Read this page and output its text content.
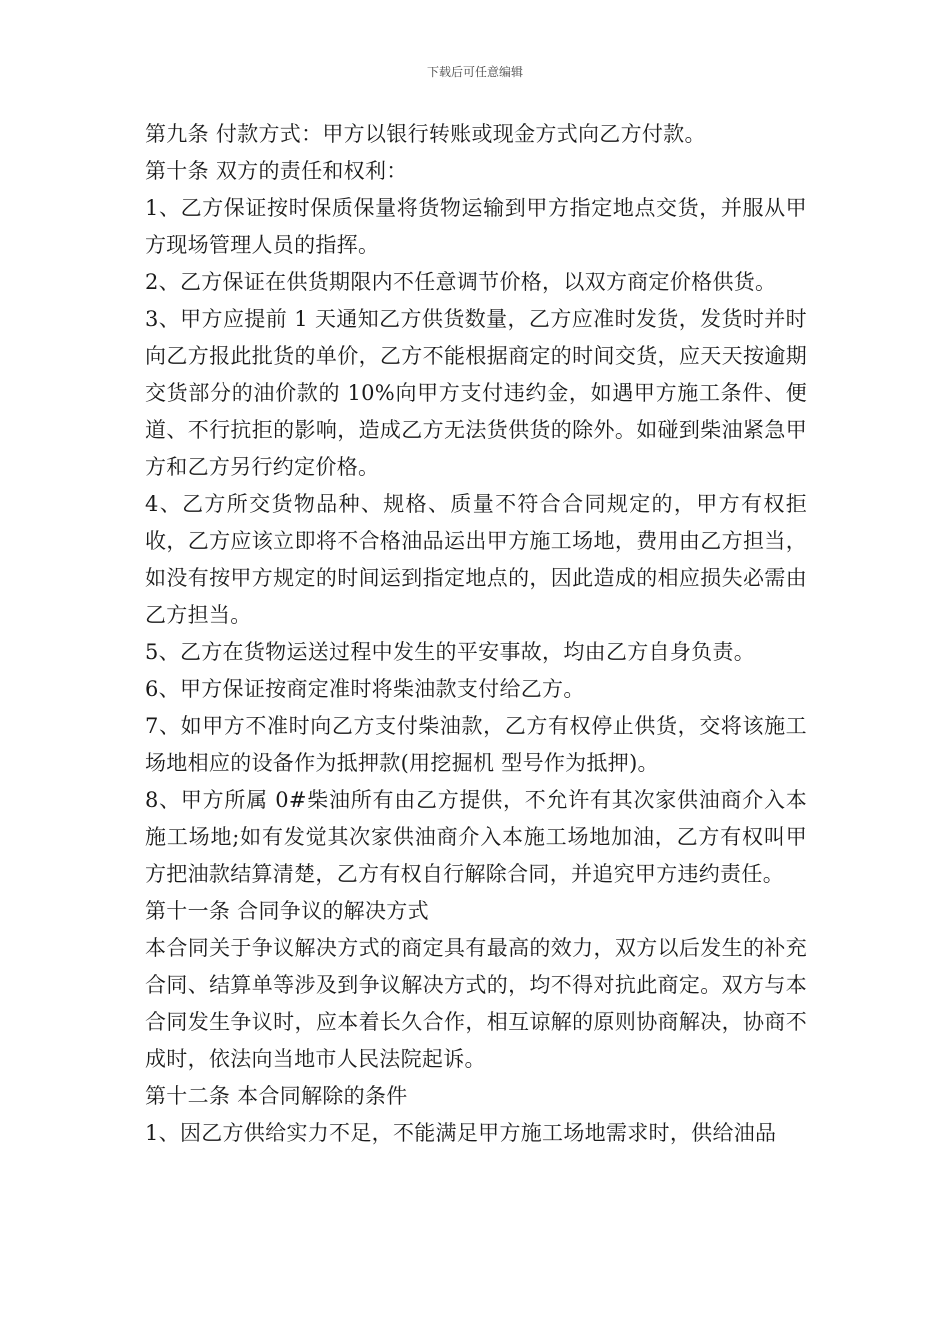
下载后可任意编辑

第九条 付款方式：甲方以银行转账或现金方式向乙方付款。

第十条 双方的责任和权利：

1、乙方保证按时保质保量将货物运输到甲方指定地点交货，并服从甲方现场管理人员的指挥。

2、乙方保证在供货期限内不任意调节价格，以双方商定价格供货。

3、甲方应提前 1 天通知乙方供货数量，乙方应准时发货，发货时并时向乙方报此批货的单价，乙方不能根据商定的时间交货，应天天按逾期交货部分的油价款的 10%向甲方支付违约金，如遇甲方施工条件、便道、不行抗拒的影响，造成乙方无法货供货的除外。如碰到柴油紧急甲方和乙方另行约定价格。

4、乙方所交货物品种、规格、质量不符合合同规定的，甲方有权拒收，乙方应该立即将不合格油品运出甲方施工场地，费用由乙方担当，如没有按甲方规定的时间运到指定地点的，因此造成的相应损失必需由乙方担当。

5、乙方在货物运送过程中发生的平安事故，均由乙方自身负责。

6、甲方保证按商定准时将柴油款支付给乙方。

7、如甲方不准时向乙方支付柴油款，乙方有权停止供货，交将该施工场地相应的设备作为抵押款(用挖掘机 型号作为抵押)。

8、甲方所属 0#柴油所有由乙方提供，不允许有其次家供油商介入本施工场地;如有发觉其次家供油商介入本施工场地加油，乙方有权叫甲方把油款结算清楚，乙方有权自行解除合同，并追究甲方违约责任。

第十一条 合同争议的解决方式

本合同关于争议解决方式的商定具有最高的效力，双方以后发生的补充合同、结算单等涉及到争议解决方式的，均不得对抗此商定。双方与本合同发生争议时，应本着长久合作，相互谅解的原则协商解决，协商不成时，依法向当地市人民法院起诉。

第十二条 本合同解除的条件

1、因乙方供给实力不足，不能满足甲方施工场地需求时，供给油品
